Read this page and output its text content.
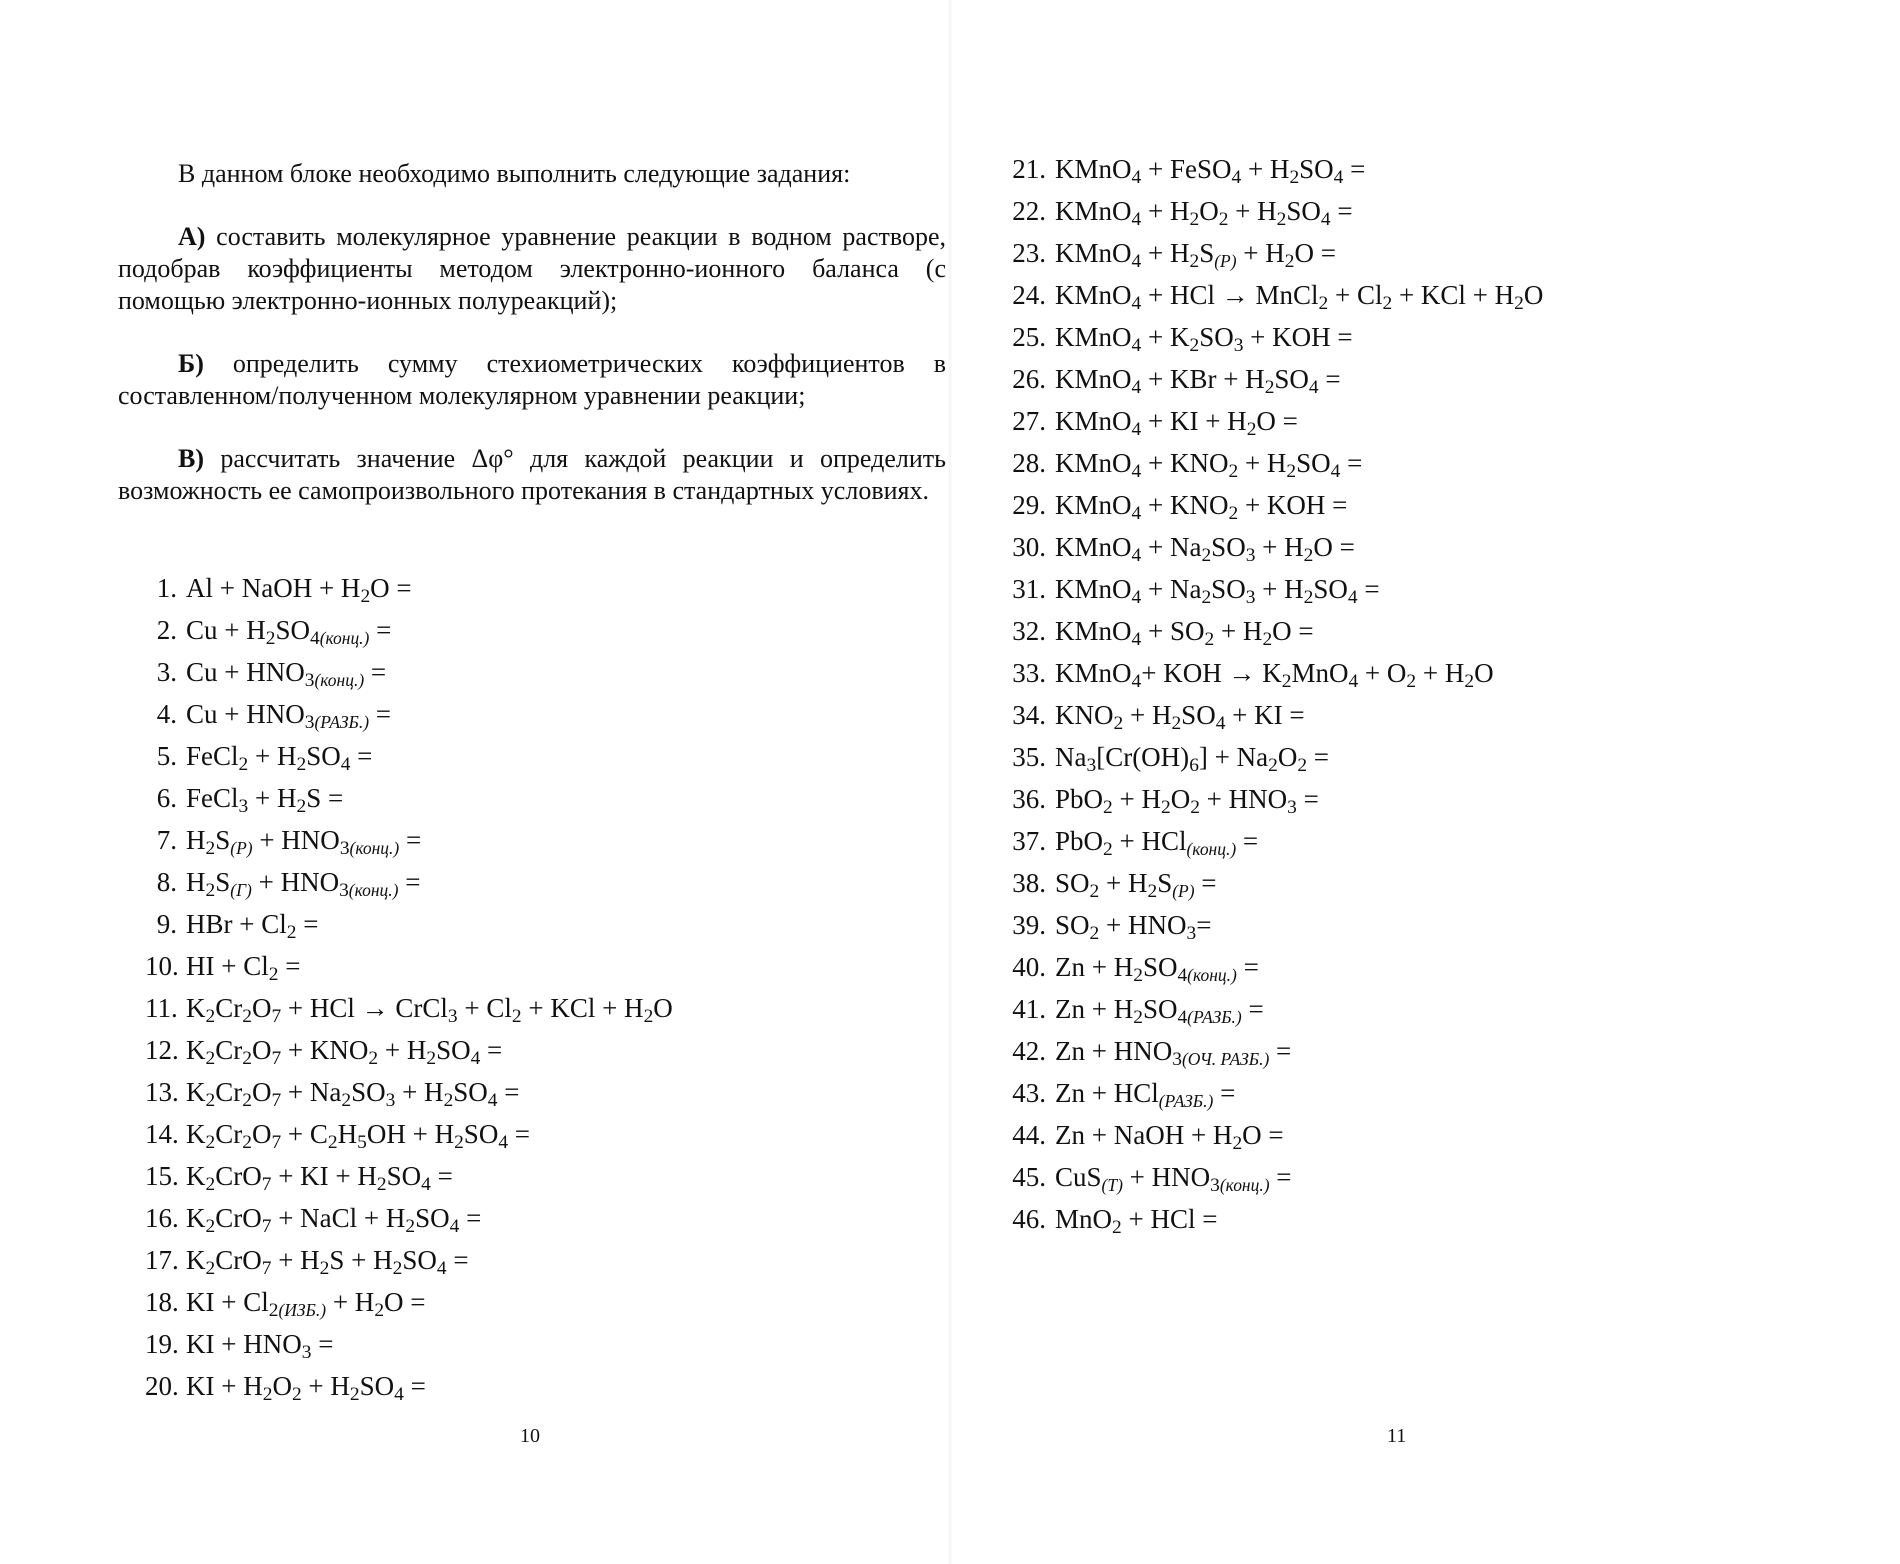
В данном блоке необходимо выполнить следующие задания:

А) составить молекулярное уравнение реакции в водном растворе, подобрав коэффициенты методом электронно-ионного баланса (с помощью электронно-ионных полуреакций);

Б) определить сумму стехиометрических коэффициентов в составленном/полученном молекулярном уравнении реакции;

В) рассчитать значение Δφ° для каждой реакции и определить возможность ее самопроизвольного протекания в стандартных условиях.

1. Al + NaOH + $H_2O$ =
2. $Cu + H_2SO_{4(конц.)}$ =
3. $Cu + HNO_{3(конц.)}$ =
4. $Cu + HNO_{3(РАЗБ.)}$ =
5. FeCl$_2$ + $H_2SO_4$ =
6. FeCl$_3$ + $H_2S$ =
7. $H_2S_{(Р)} + HNO_{3(конц.)}$ =
8. $H_2S_{(Г)} + HNO_{3(конц.)}$ =
9. HBr + $Cl_2$ =
10. HI + $Cl_2$ =
11. $K_2Cr_2O_7$ + HCl → CrCl$_3$ + $Cl_2$ + KCl + $H_2O$
12. $K_2Cr_2O_7 + KNO_2 + H_2SO_4$ =
13. $K_2Cr_2O_7 + Na_2SO_3 + H_2SO_4$ =
14. $K_2Cr_2O_7 + C_2H_5OH + H_2SO_4$ =
15. $K_2CrO_7$ + KI + $H_2SO_4$ =
16. $K_2CrO_7$ + NaCl + $H_2SO_4$ =
17. $K_2CrO_7 + H_2S + H_2SO_4$ =
18. KI + $Cl_{2(ИЗБ.)} + H_2O$ =
19. KI + $HNO_3$ =
20. KI + $H_2O_2 + H_2SO_4$ =
10
21. KMnO$_4$ + FeSO$_4$ + $H_2SO_4$ =
22. KMnO$_4$ + $H_2O_2 + H_2SO_4$ =
23. KMnO$_4$ + $H_2S_{(Р)} + H_2O$ =
24. KMnO$_4$ + HCl → MnCl$_2$ + $Cl_2$ + KCl + $H_2O$
25. KMnO$_4$ + $K_2SO_3$ + KOH =
26. KMnO$_4$ + KBr + $H_2SO_4$ =
27. KMnO$_4$ + KI + $H_2O$ =
28. KMnO$_4$ + $KNO_2 + H_2SO_4$ =
29. KMnO$_4$ + $KNO_2$ + KOH =
30. KMnO$_4$ + $Na_2SO_3 + H_2O$ =
31. KMnO$_4$ + $Na_2SO_3 + H_2SO_4$ =
32. KMnO$_4$ + $SO_2 + H_2O$ =
33. KMnO$_4$+ KOH → $K_2MnO_4 + O_2 + H_2O$
34. $KNO_2 + H_2SO_4$ + KI =
35. $Na_3[Cr(OH)_6] + Na_2O_2$ =
36. $PbO_2 + H_2O_2 + HNO_3$ =
37. PbO$_2$ + HCl$_{(конц.)}$ =
38. $SO_2 + H_2S_{(Р)}$ =
39. $SO_2 + HNO_3=$
40. $Zn + H_2SO_{4(конц.)}$ =
41. $Zn + H_2SO_{4(РАЗБ.)}$ =
42. $Zn + HNO_{3(ОЧ. РАЗБ.)}$ =
43. Zn + HCl$_{(РАЗБ.)}$ =
44. Zn + NaOH + $H_2O$ =
45. $CuS_{(Т)} + HNO_{3(конц.)}$ =
46. MnO$_2$ + HCl =
11
